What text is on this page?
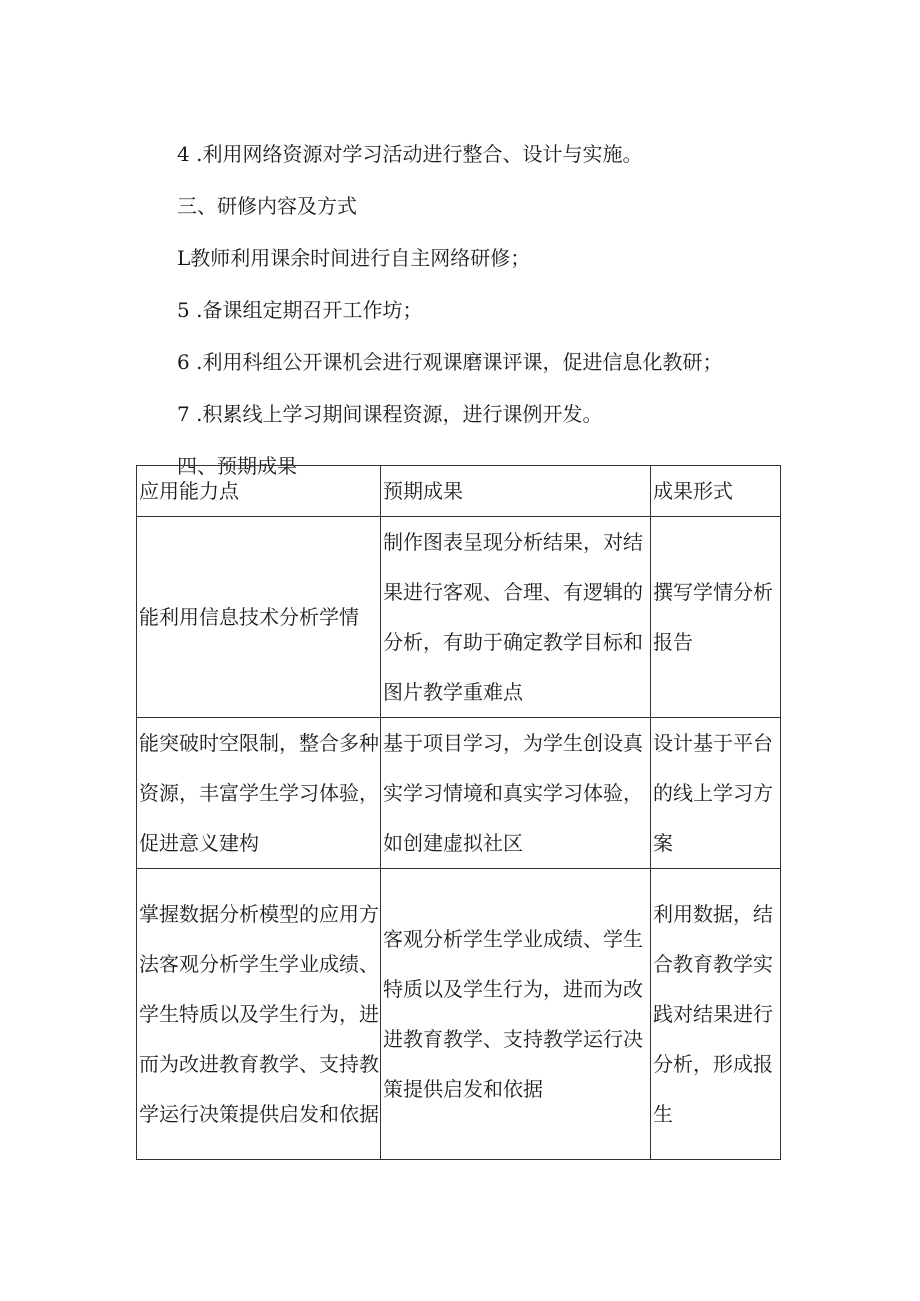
4 .利用网络资源对学习活动进行整合、设计与实施。

三、研修内容及方式

L教师利用课余时间进行自主网络研修；

5 .备课组定期召开工作坊；

6 .利用科组公开课机会进行观课磨课评课，促进信息化教研；

7 .积累线上学习期间课程资源，进行课例开发。

四、预期成果

应用能力点	预期成果	成果形式
能利用信息技术分析学情	制作图表呈现分析结果，对结果进行客观、合理、有逻辑的分析，有助于确定教学目标和图片教学重难点	撰写学情分析报告
能突破时空限制，整合多种资源，丰富学生学习体验，促进意义建构	基于项目学习，为学生创设真实学习情境和真实学习体验，如创建虚拟社区	设计基于平台的线上学习方案
掌握数据分析模型的应用方法客观分析学生学业成绩、学生特质以及学生行为，进而为改进教育教学、支持教学运行决策提供启发和依据	客观分析学生学业成绩、学生特质以及学生行为，进而为改进教育教学、支持教学运行决策提供启发和依据	利用数据，结合教育教学实践对结果进行分析，形成报生
